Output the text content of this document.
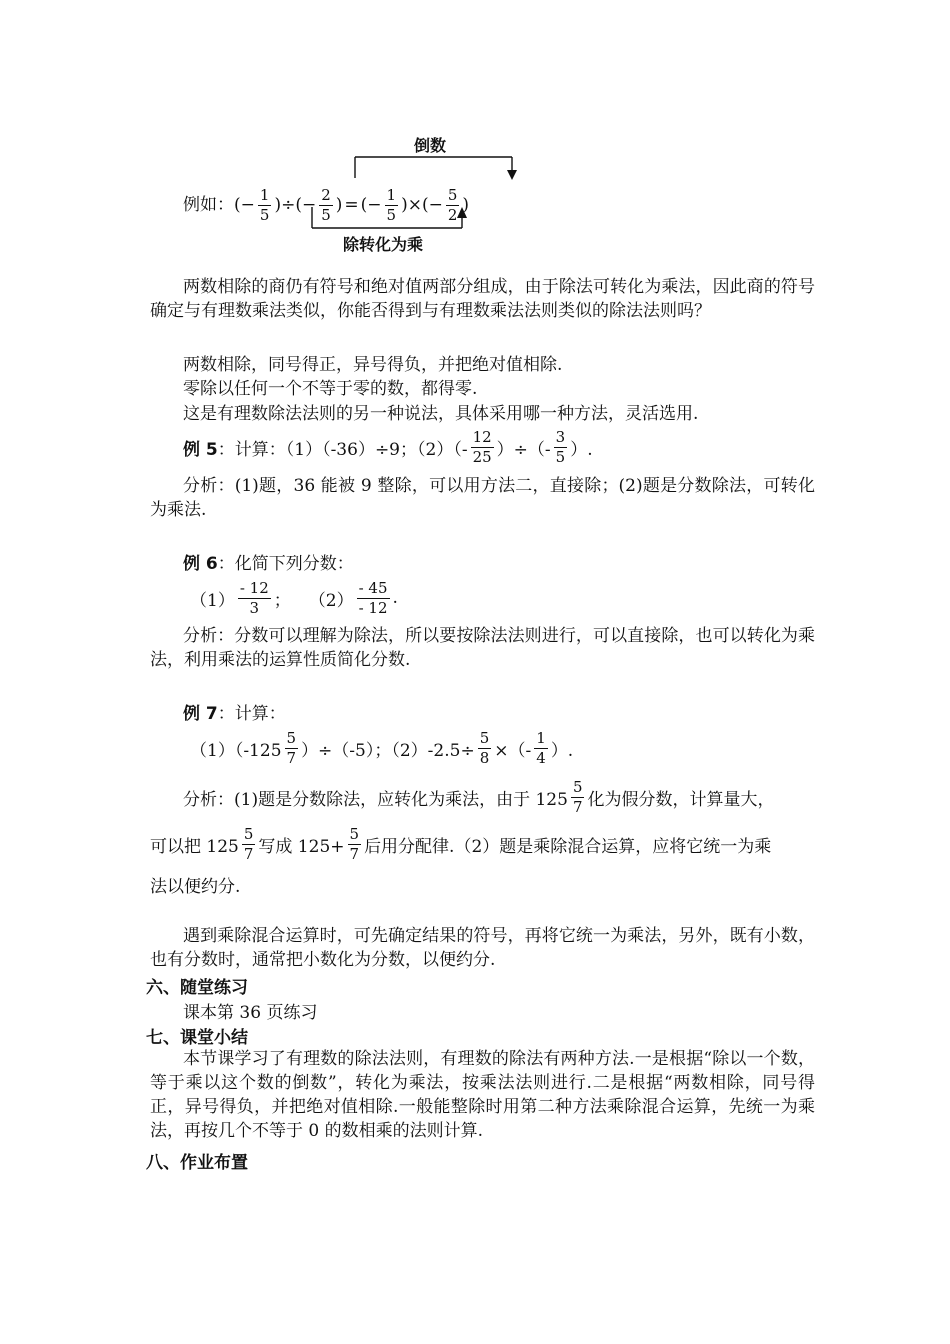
倒数
除转化为乘
例如： (− $\frac{1}{5}$ ) ÷ (− $\frac{2}{5}$ ) = (− $\frac{1}{5}$ ) × (− $\frac{5}{2}$ )
两数相除的商仍有符号和绝对值两部分组成，由于除法可转化为乘法，因此商的符号确定与有理数乘法类似，你能否得到与有理数乘法法则类似的除法法则吗？
两数相除，同号得正，异号得负，并把绝对值相除.
零除以任何一个不等于零的数，都得零.
这是有理数除法法则的另一种说法，具体采用哪一种方法，灵活选用.
例 5 ：计算：（1）（-36）÷9；$(2)(- \frac{12}{25}$ ）÷（- $\frac{3}{5}$ ）.
分析：(1)题，36 能被 9 整除，可以用方法二，直接除；(2)题是分数除法，可转化为乘法.
例 6：化简下列分数：
$(1) \frac{- 12}{3}$ ； $(2) \frac{- 45}{- 12}$ .
分析：分数可以理解为除法，所以要按除法法则进行，可以直接除，也可以转化为乘法，利用乘法的运算性质简化分数.
例 7：计算：
$(1)(-125 \frac{5}{7} )\div(-5)$；$(2)-2.5\div \frac{5}{8}$ ×（- $\frac{1}{4}$ ）.
分析：(1)题是分数除法，应转化为乘法，由于 $125 \frac{5}{7}$ 化为假分数，计算量大，
可以把 $125 \frac{5}{7}$ 写成 $125+ \frac{5}{7}$ 后用分配律.（2）题是乘除混合运算，应将它统一为乘
法以便约分.
遇到乘除混合运算时，可先确定结果的符号，再将它统一为乘法，另外，既有小数，也有分数时，通常把小数化为分数，以便约分.
六、随堂练习
课本第 36 页练习
七、课堂小结
本节课学习了有理数的除法法则，有理数的除法有两种方法.一是根据“除以一个数，等于乘以这个数的倒数”，转化为乘法，按乘法法则进行.二是根据“两数相除，同号得正，异号得负，并把绝对值相除.一般能整除时用第二种方法乘除混合运算，先统一为乘法，再按几个不等于 0 的数相乘的法则计算.
八、作业布置
